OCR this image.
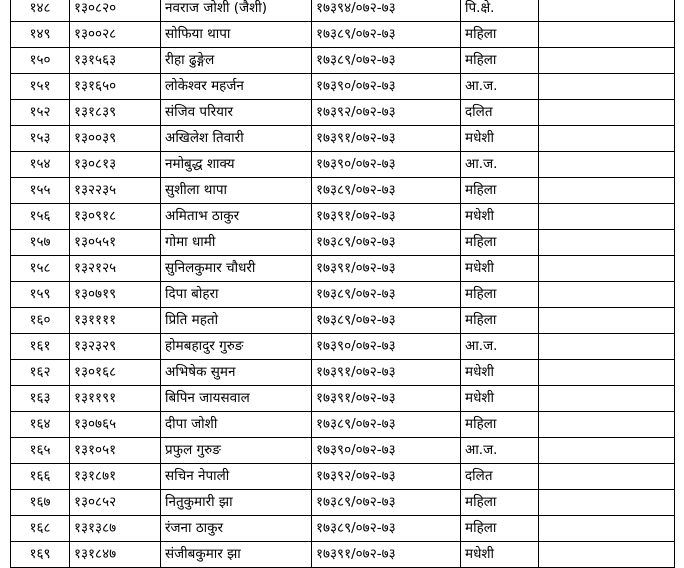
१४८	१३०८२०	नवराज जोशी (जैशी)	१७३९४/०७२-७३	पि.क्षे.	
१४९	१३००२८	सोफिया थापा	१७३८९/०७२-७३	महिला	
१५०	१३१५६३	रीहा ढुङ्गेल	१७३८९/०७२-७३	महिला	
१५१	१३१६५०	लोकेश्वर महर्जन	१७३९०/०७२-७३	आ.ज.	
१५२	१३१८३९	संजिव परियार	१७३९२/०७२-७३	दलित	
१५३	१३००३९	अखिलेश तिवारी	१७३९१/०७२-७३	मधेशी	
१५४	१३०८१३	नमोबुद्ध शाक्य	१७३९०/०७२-७३	आ.ज.	
१५५	१३२२३५	सुशीला थापा	१७३८९/०७२-७३	महिला	
१५६	१३०९१८	अमिताभ ठाकुर	१७३९१/०७२-७३	मधेशी	
१५७	१३०५५१	गोमा धामी	१७३८९/०७२-७३	महिला	
१५८	१३२१२५	सुनिलकुमार चौधरी	१७३९१/०७२-७३	मधेशी	
१५९	१३०७१९	दिपा बोहरा	१७३८९/०७२-७३	महिला	
१६०	१३११११	प्रिति महतो	१७३८९/०७२-७३	महिला	
१६१	१३२३२९	होमबहादुर गुरुङ	१७३९०/०७२-७३	आ.ज.	
१६२	१३०१६८	अभिषेक सुमन	१७३९१/०७२-७३	मधेशी	
१६३	१३११९१	बिपिन जायसवाल	१७३९१/०७२-७३	मधेशी	
१६४	१३०७६५	दीपा जोशी	१७३८९/०७२-७३	महिला	
१६५	१३१०५१	प्रफुल गुरुङ	१७३९०/०७२-७३	आ.ज.	
१६६	१३१८७१	सचिन नेपाली	१७३९२/०७२-७३	दलित	
१६७	१३०८५२	नितुकुमारी झा	१७३८९/०७२-७३	महिला	
१६८	१३१३८७	रंजना ठाकुर	१७३८९/०७२-७३	महिला	
१६९	१३१८४७	संजीबकुमार झा	१७३९१/०७२-७३	मधेशी	
